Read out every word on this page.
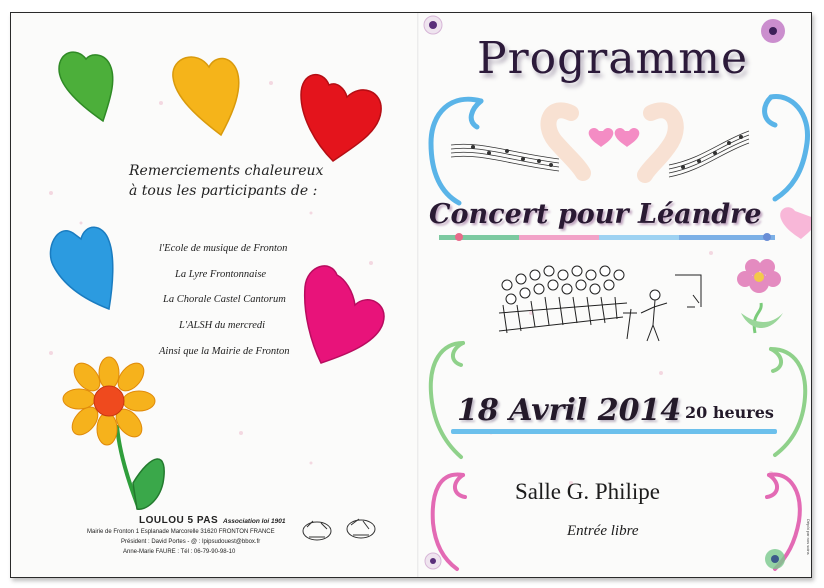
Remerciements chaleureux
à tous les participants de :
l'Ecole de musique de Fronton
La Lyre Frontonnaise
La Chorale Castel Cantorum
L'ALSH du mercredi
Ainsi que la Mairie de Fronton
LOULOU 5 PAS Association loi 1901
Mairie de Fronton 1 Esplanade Marcorelle 31620 FRONTON FRANCE
Président : David Portes - @ : lpipsudouest@bbox.fr
Anne-Marie FAURE : Tél : 06-79-90-98-10
Programme
Concert pour Léandre
18 Avril 2014 20 heures
Salle G. Philipe
Entrée libre	Dépôt par nos soins
